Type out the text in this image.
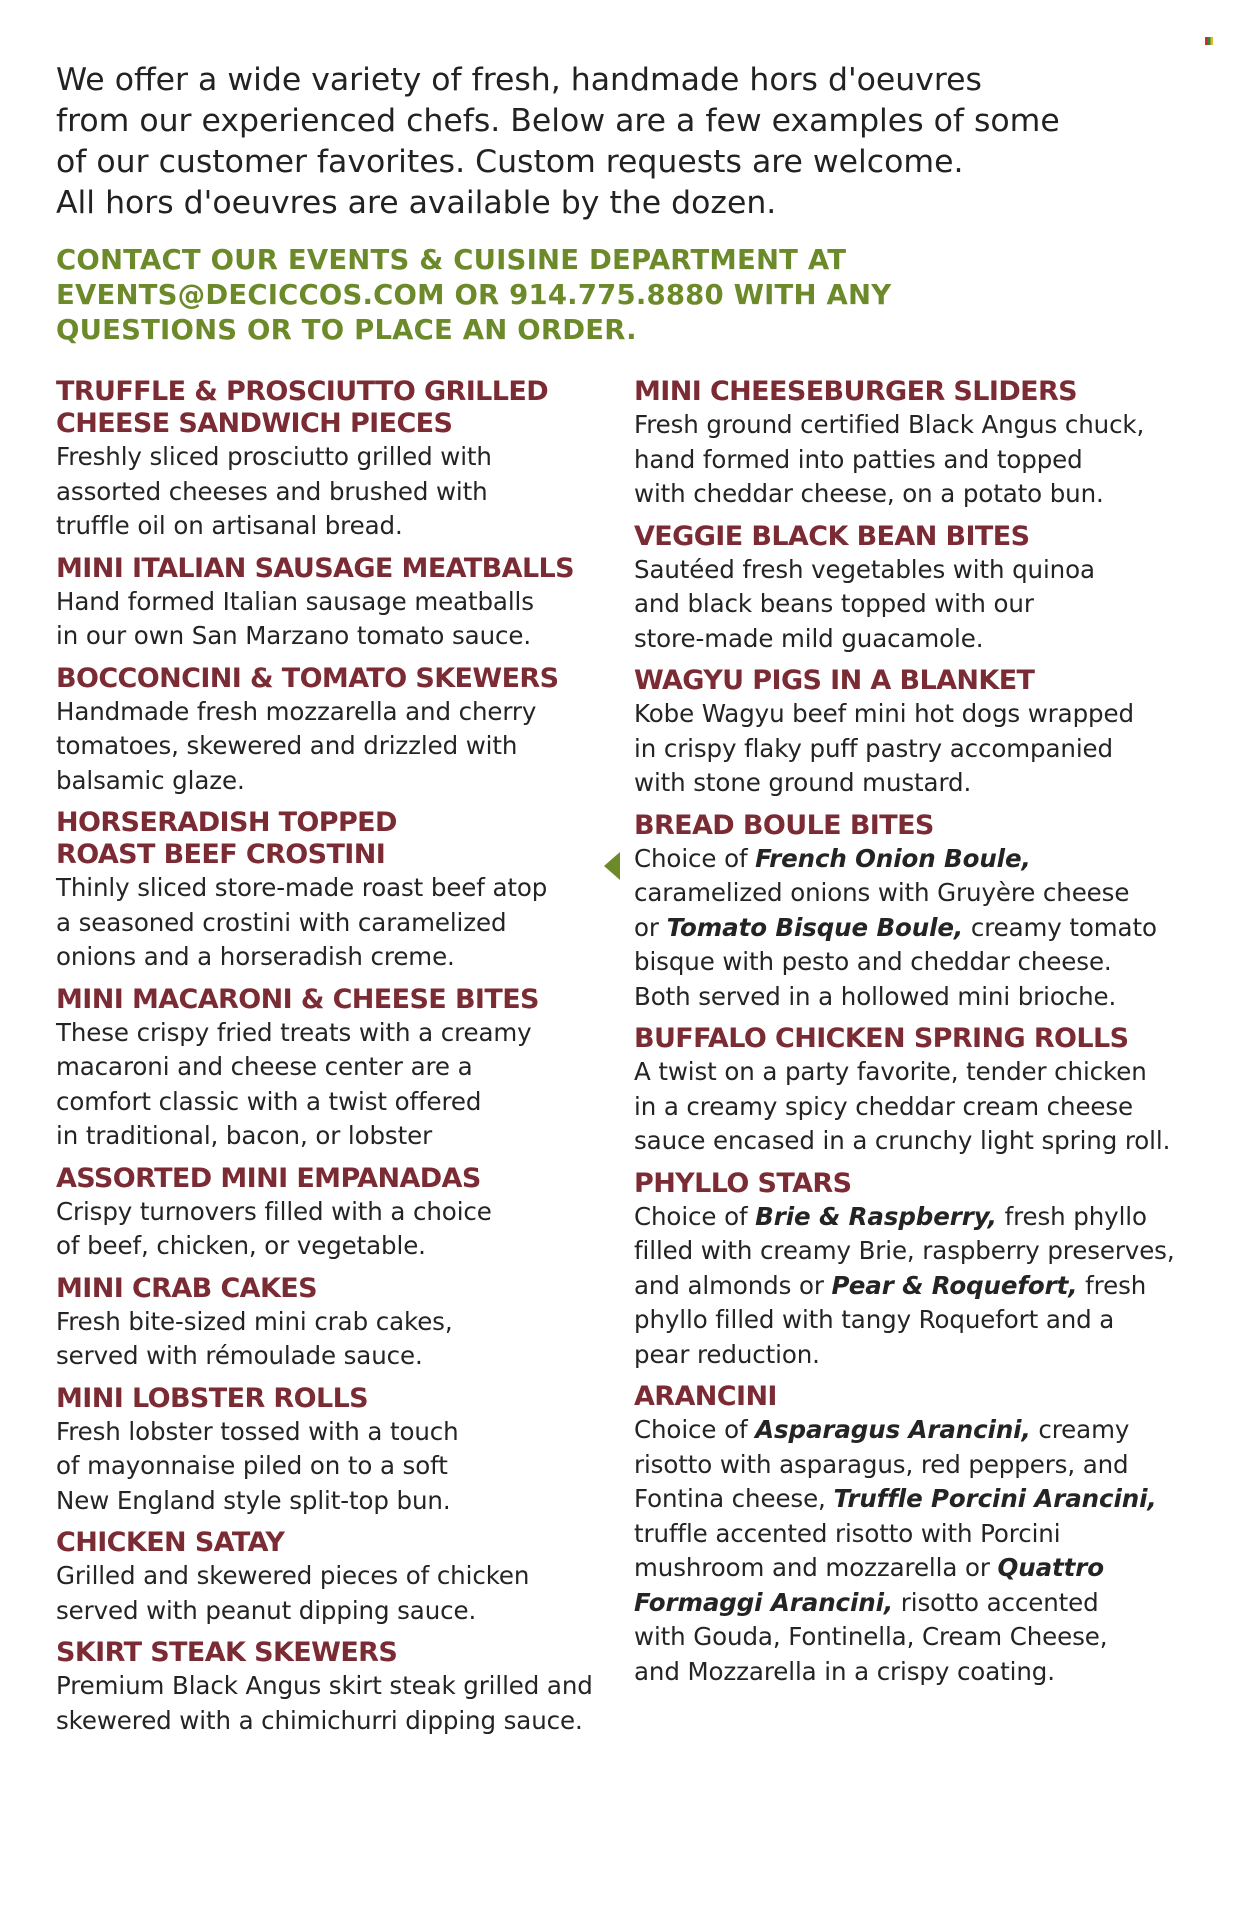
We offer a wide variety of fresh, handmade hors d'oeuvres
from our experienced chefs. Below are a few examples of some
of our customer favorites. Custom requests are welcome.
All hors d'oeuvres are available by the dozen.

CONTACT OUR EVENTS & CUISINE DEPARTMENT AT
EVENTS@DECICCOS.COM OR 914.775.8880 WITH ANY
QUESTIONS OR TO PLACE AN ORDER.

TRUFFLE & PROSCIUTTO GRILLED
CHEESE SANDWICH PIECES

Freshly sliced prosciutto grilled with
assorted cheeses and brushed with
truffle oil on artisanal bread.

MINI ITALIAN SAUSAGE MEATBALLS

Hand formed Italian sausage meatballs
in our own San Marzano tomato sauce.

BOCCONCINI & TOMATO SKEWERS

Handmade fresh mozzarella and cherry
tomatoes, skewered and drizzled with
balsamic glaze.

HORSERADISH TOPPED
ROAST BEEF CROSTINI

Thinly sliced store-made roast beef atop
a seasoned crostini with caramelized
onions and a horseradish creme.

MINI MACARONI & CHEESE BITES

These crispy fried treats with a creamy
macaroni and cheese center are a
comfort classic with a twist offered
in traditional, bacon, or lobster

ASSORTED MINI EMPANADAS

Crispy turnovers filled with a choice
of beef, chicken, or vegetable.

MINI CRAB CAKES

Fresh bite-sized mini crab cakes,
served with rémoulade sauce.

MINI LOBSTER ROLLS

Fresh lobster tossed with a touch
of mayonnaise piled on to a soft
New England style split-top bun.

CHICKEN SATAY

Grilled and skewered pieces of chicken
served with peanut dipping sauce.

SKIRT STEAK SKEWERS

Premium Black Angus skirt steak grilled and
skewered with a chimichurri dipping sauce.

MINI CHEESEBURGER SLIDERS

Fresh ground certified Black Angus chuck,
hand formed into patties and topped
with cheddar cheese, on a potato bun.

VEGGIE BLACK BEAN BITES

Sautéed fresh vegetables with quinoa
and black beans topped with our
store-made mild guacamole.

WAGYU PIGS IN A BLANKET

Kobe Wagyu beef mini hot dogs wrapped
in crispy flaky puff pastry accompanied
with stone ground mustard.

BREAD BOULE BITES

Choice of French Onion Boule,
caramelized onions with Gruyère cheese
or Tomato Bisque Boule, creamy tomato
bisque with pesto and cheddar cheese.
Both served in a hollowed mini brioche.

BUFFALO CHICKEN SPRING ROLLS

A twist on a party favorite, tender chicken
in a creamy spicy cheddar cream cheese
sauce encased in a crunchy light spring roll.

PHYLLO STARS

Choice of Brie & Raspberry, fresh phyllo
filled with creamy Brie, raspberry preserves,
and almonds or Pear & Roquefort, fresh
phyllo filled with tangy Roquefort and a
pear reduction.

ARANCINI

Choice of Asparagus Arancini, creamy
risotto with asparagus, red peppers, and
Fontina cheese, Truffle Porcini Arancini,
truffle accented risotto with Porcini
mushroom and mozzarella or Quattro
Formaggi Arancini, risotto accented
with Gouda, Fontinella, Cream Cheese,
and Mozzarella in a crispy coating.
